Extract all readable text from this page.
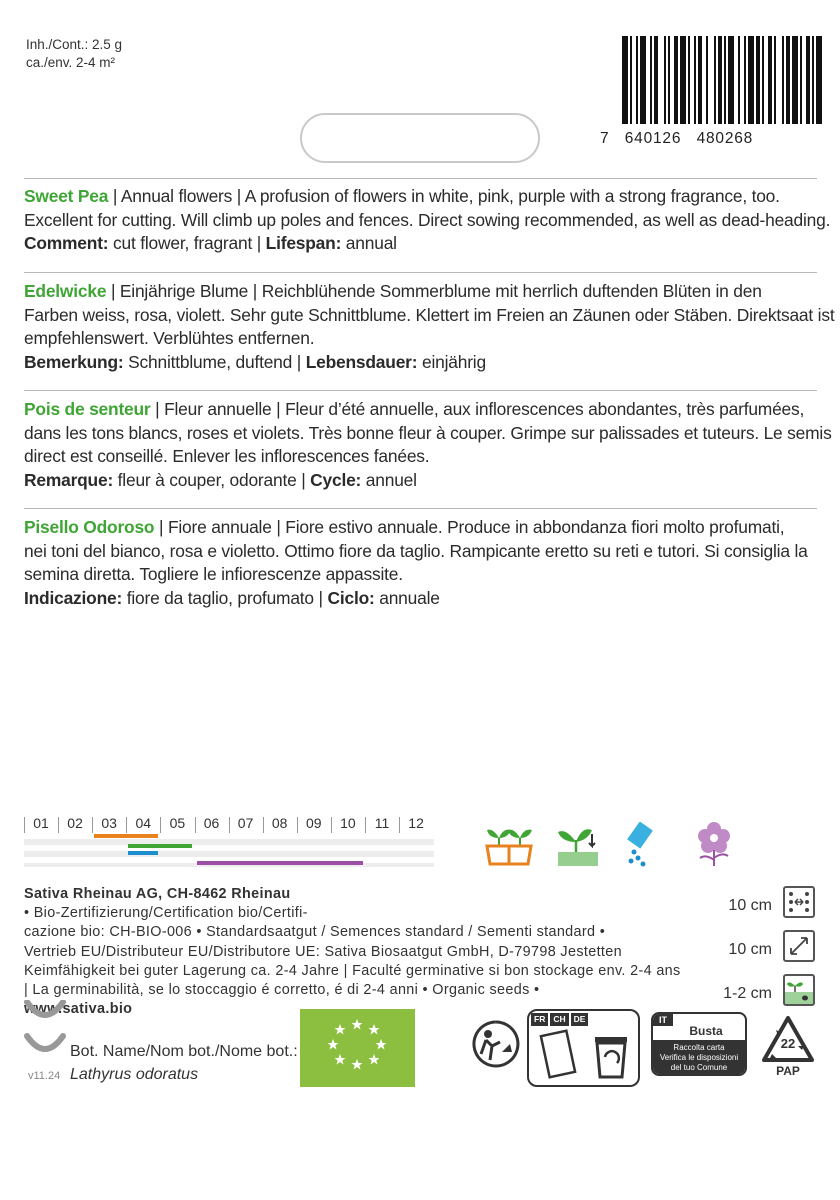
Inh./Cont.: 2.5 g
ca./env. 2-4 m²
7   640126   480268
Sweet Pea | Annual flowers | A profusion of flowers in white, pink, purple with a strong fragrance, too.
Excellent for cutting. Will climb up poles and fences. Direct sowing recommended, as well as dead-heading.
Comment: cut flower, fragrant | Lifespan: annual
Edelwicke | Einjährige Blume | Reichblühende Sommerblume mit herrlich duftenden Blüten in den
Farben weiss, rosa, violett. Sehr gute Schnittblume. Klettert im Freien an Zäunen oder Stäben. Direktsaat ist
empfehlenswert. Verblühtes entfernen.
Bemerkung: Schnittblume, duftend | Lebensdauer: einjährig
Pois de senteur | Fleur annuelle | Fleur d’été annuelle, aux inflorescences abondantes, très parfumées,
dans les tons blancs, roses et violets. Très bonne fleur à couper. Grimpe sur palissades et tuteurs. Le semis
direct est conseillé. Enlever les inflorescences fanées.
Remarque: fleur à couper, odorante | Cycle: annuel
Pisello Odoroso | Fiore annuale | Fiore estivo annuale. Produce in abbondanza fiori molto profumati,
nei toni del bianco, rosa e violetto. Ottimo fiore da taglio. Rampicante eretto su reti e tutori. Si consiglia la
semina diretta. Togliere le infiorescenze appassite.
Indicazione: fiore da taglio, profumato | Ciclo: annuale
01	02	03	04	05	06	07	08	09	10	11	12
Sativa Rheinau AG, CH-8462 Rheinau
• Bio-Zertifizierung/Certification bio/Certifi-
cazione bio: CH-BIO-006 • Standardsaatgut / Semences standard / Sementi standard •
Vertrieb EU/Distributeur EU/Distributore UE: Sativa Biosaatgut GmbH, D-79798 Jestetten
Keimfähigkeit bei guter Lagerung ca. 2-4 Jahre | Faculté germinative si bon stockage env. 2-4 ans
| La germinabilità, se lo stoccaggio é corretto, é di 2-4 anni • Organic seeds •
www.sativa.bio
10 cm
10 cm
1-2 cm
Bot. Name/Nom bot./Nome bot.:
Lathyrus odoratus
v11.24
FR CH DE	IT
Busta
Raccolta carta
Verifica le disposizioni
del tuo Comune
22
PAP
